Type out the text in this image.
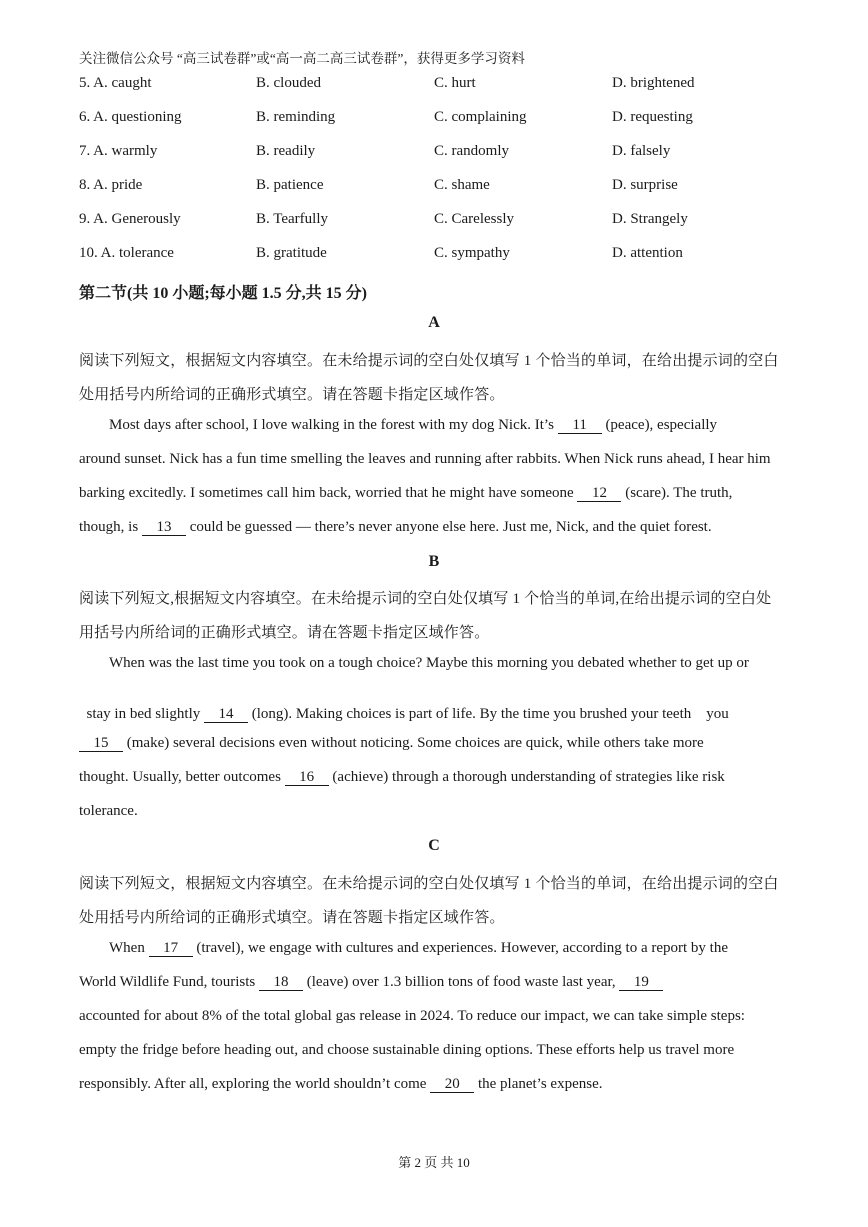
关注微信公众号 “高三试卷群”或“高一高二高三试卷群”，获得更多学习资料
5. A. caught	B. clouded	C. hurt	D. brightened
6. A. questioning	B. reminding	C. complaining	D. requesting
7. A. warmly	B. readily	C. randomly	D. falsely
8. A. pride	B. patience	C. shame	D. surprise
9. A. Generously	B. Tearfully	C. Carelessly	D. Strangely
10. A. tolerance	B. gratitude	C. sympathy	D. attention
第二节(共 10 小题;每小题 1.5 分,共 15 分)
A
阅读下列短文，根据短文内容填空。在未给提示词的空白处仅填写 1 个恰当的单词，在给出提示词的空白
处用括号内所给词的正确形式填空。请在答题卡指定区域作答。
Most days after school, I love walking in the forest with my dog Nick. It’s 11 (peace), especially
around sunset. Nick has a fun time smelling the leaves and running after rabbits. When Nick runs ahead, I hear him
barking excitedly. I sometimes call him back, worried that he might have someone 12 (scare). The truth,
though, is 13 could be guessed — there’s never anyone else here. Just me, Nick, and the quiet forest.
B
阅读下列短文,根据短文内容填空。在未给提示词的空白处仅填写 1 个恰当的单词,在给出提示词的空白处
用括号内所给词的正确形式填空。请在答题卡指定区域作答。
When was the last time you took on a tough choice? Maybe this morning you debated whether to get up or

stay in bed slightly 14 (long). Making choices is part of life. By the time you brushed your teeth    you

15 (make) several decisions even without noticing. Some choices are quick, while others take more
thought. Usually, better outcomes 16 (achieve) through a thorough understanding of strategies like risk
tolerance.
C
阅读下列短文，根据短文内容填空。在未给提示词的空白处仅填写 1 个恰当的单词，在给出提示词的空白
处用括号内所给词的正确形式填空。请在答题卡指定区域作答。
When 17 (travel), we engage with cultures and experiences. However, according to a report by the
World Wildlife Fund, tourists 18 (leave) over 1.3 billion tons of food waste last year, 19
accounted for about 8% of the total global gas release in 2024. To reduce our impact, we can take simple steps:
empty the fridge before heading out, and choose sustainable dining options. These efforts help us travel more
responsibly. After all, exploring the world shouldn’t come 20 the planet’s expense.
第 2 页 共 10
